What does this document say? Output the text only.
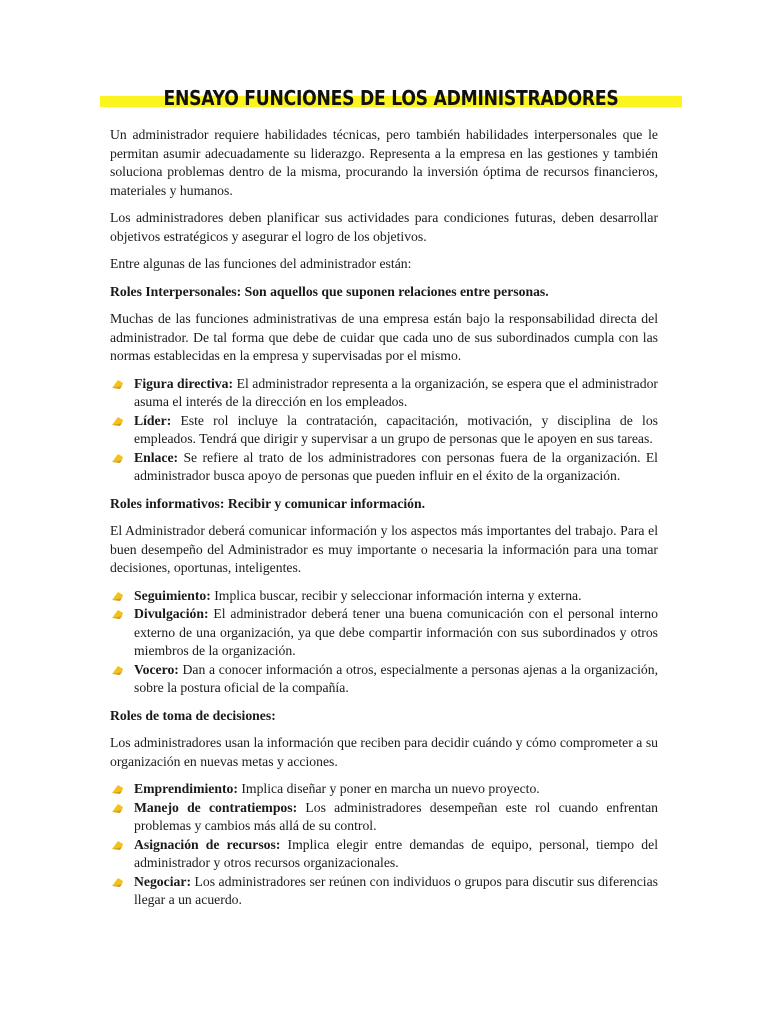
ENSAYO FUNCIONES DE LOS ADMINISTRADORES

Un administrador requiere habilidades técnicas, pero también habilidades interpersonales que le permitan asumir adecuadamente su liderazgo. Representa a la empresa en las gestiones y también soluciona problemas dentro de la misma, procurando la inversión óptima de recursos financieros, materiales y humanos.

Los administradores deben planificar sus actividades para condiciones futuras, deben desarrollar objetivos estratégicos y asegurar el logro de los objetivos.

Entre algunas de las funciones del administrador están:

Roles Interpersonales: Son aquellos que suponen relaciones entre personas.

Muchas de las funciones administrativas de una empresa están bajo la responsabilidad directa del administrador. De tal forma que debe de cuidar que cada uno de sus subordinados cumpla con las normas establecidas en la empresa y supervisadas por el mismo.

Figura directiva: El administrador representa a la organización, se espera que el administrador asuma el interés de la dirección en los empleados.
Líder: Este rol incluye la contratación, capacitación, motivación, y disciplina de los empleados. Tendrá que dirigir y supervisar a un grupo de personas que le apoyen en sus tareas.
Enlace: Se refiere al trato de los administradores con personas fuera de la organización. El administrador busca apoyo de personas que pueden influir en el éxito de la organización.

Roles informativos: Recibir y comunicar información.

El Administrador deberá comunicar información y los aspectos más importantes del trabajo. Para el buen desempeño del Administrador es muy importante o necesaria la información para una tomar decisiones, oportunas, inteligentes.

Seguimiento: Implica buscar, recibir y seleccionar información interna y externa.
Divulgación: El administrador deberá tener una buena comunicación con el personal interno externo de una organización, ya que debe compartir información con sus subordinados y otros miembros de la organización.
Vocero: Dan a conocer información a otros, especialmente a personas ajenas a la organización, sobre la postura oficial de la compañía.

Roles de toma de decisiones:

Los administradores usan la información que reciben para decidir cuándo y cómo comprometer a su organización en nuevas metas y acciones.

Emprendimiento: Implica diseñar y poner en marcha un nuevo proyecto.
Manejo de contratiempos: Los administradores desempeñan este rol cuando enfrentan problemas y cambios más allá de su control.
Asignación de recursos: Implica elegir entre demandas de equipo, personal, tiempo del administrador y otros recursos organizacionales.
Negociar: Los administradores ser reúnen con individuos o grupos para discutir sus diferencias llegar a un acuerdo.
